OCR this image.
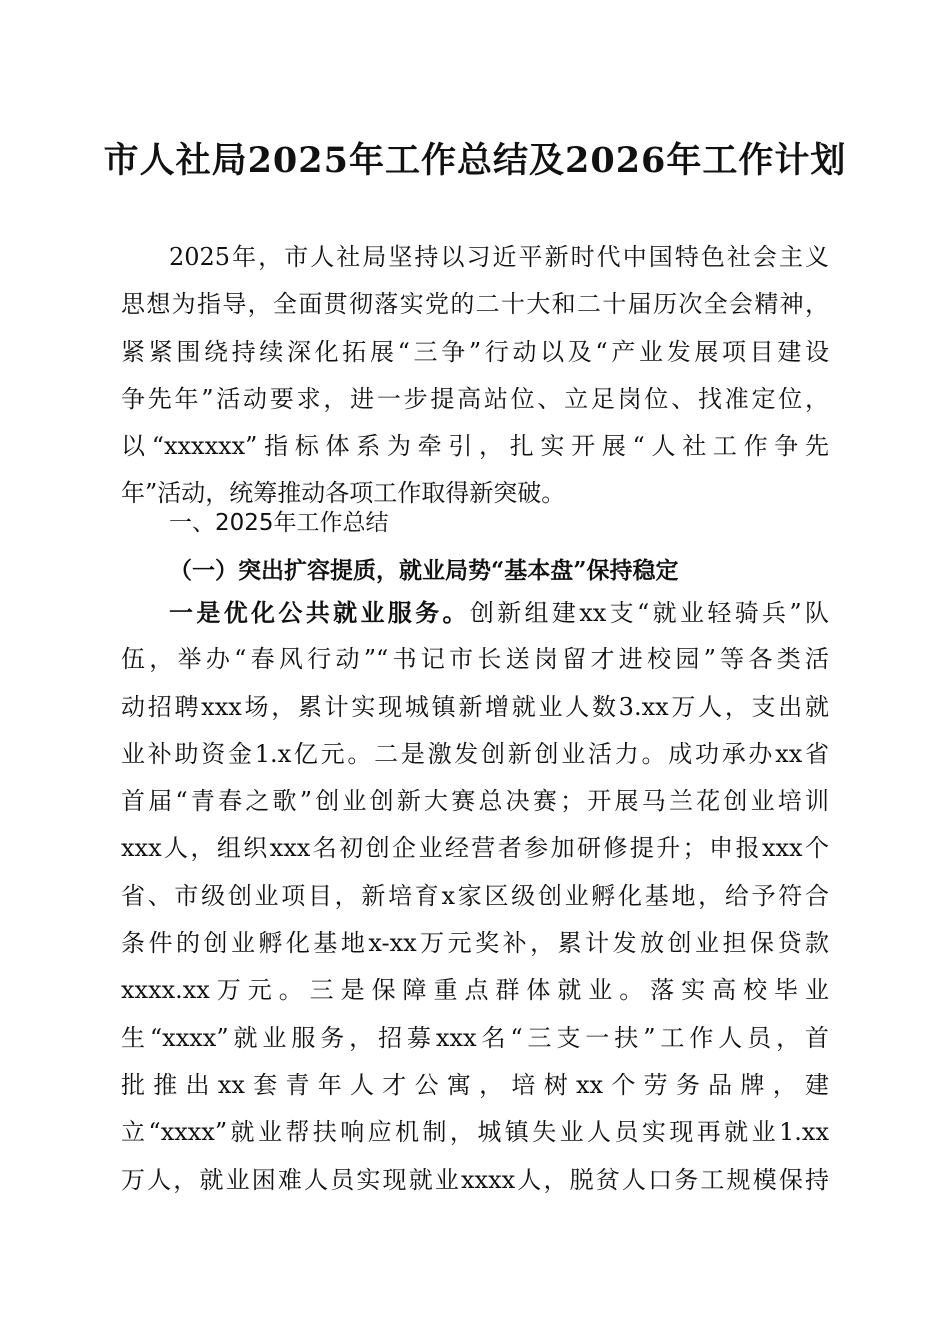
市人社局2025年工作总结及2026年工作计划
2025年，市人社局坚持以习近平新时代中国特色社会主义
思想为指导，全面贯彻落实党的二十大和二十届历次全会精神，
紧紧围绕持续深化拓展“三争”行动以及“产业发展项目建设
争先年”活动要求，进一步提高站位、立足岗位、找准定位，
以“xxxxxx”指标体系为牵引，扎实开展“人社工作争先
年”活动，统筹推动各项工作取得新突破。
一、2025年工作总结
（一）突出扩容提质，就业局势“基本盘”保持稳定
一是优化公共就业服务。创新组建xx支“就业轻骑兵”队
伍，举办“春风行动”“书记市长送岗留才进校园”等各类活
动招聘xxx场，累计实现城镇新增就业人数3.xx万人，支出就
业补助资金1.x亿元。二是激发创新创业活力。成功承办xx省
首届“青春之歌”创业创新大赛总决赛；开展马兰花创业培训
xxx人，组织xxx名初创企业经营者参加研修提升；申报xxx个
省、市级创业项目，新培育x家区级创业孵化基地，给予符合
条件的创业孵化基地x-xx万元奖补，累计发放创业担保贷款
xxxx.xx万元。三是保障重点群体就业。落实高校毕业
生“xxxx”就业服务，招募xxx名“三支一扶”工作人员，首
批推出xx套青年人才公寓，培树xx个劳务品牌，建
立“xxxx”就业帮扶响应机制，城镇失业人员实现再就业1.xx
万人，就业困难人员实现就业xxxx人，脱贫人口务工规模保持
